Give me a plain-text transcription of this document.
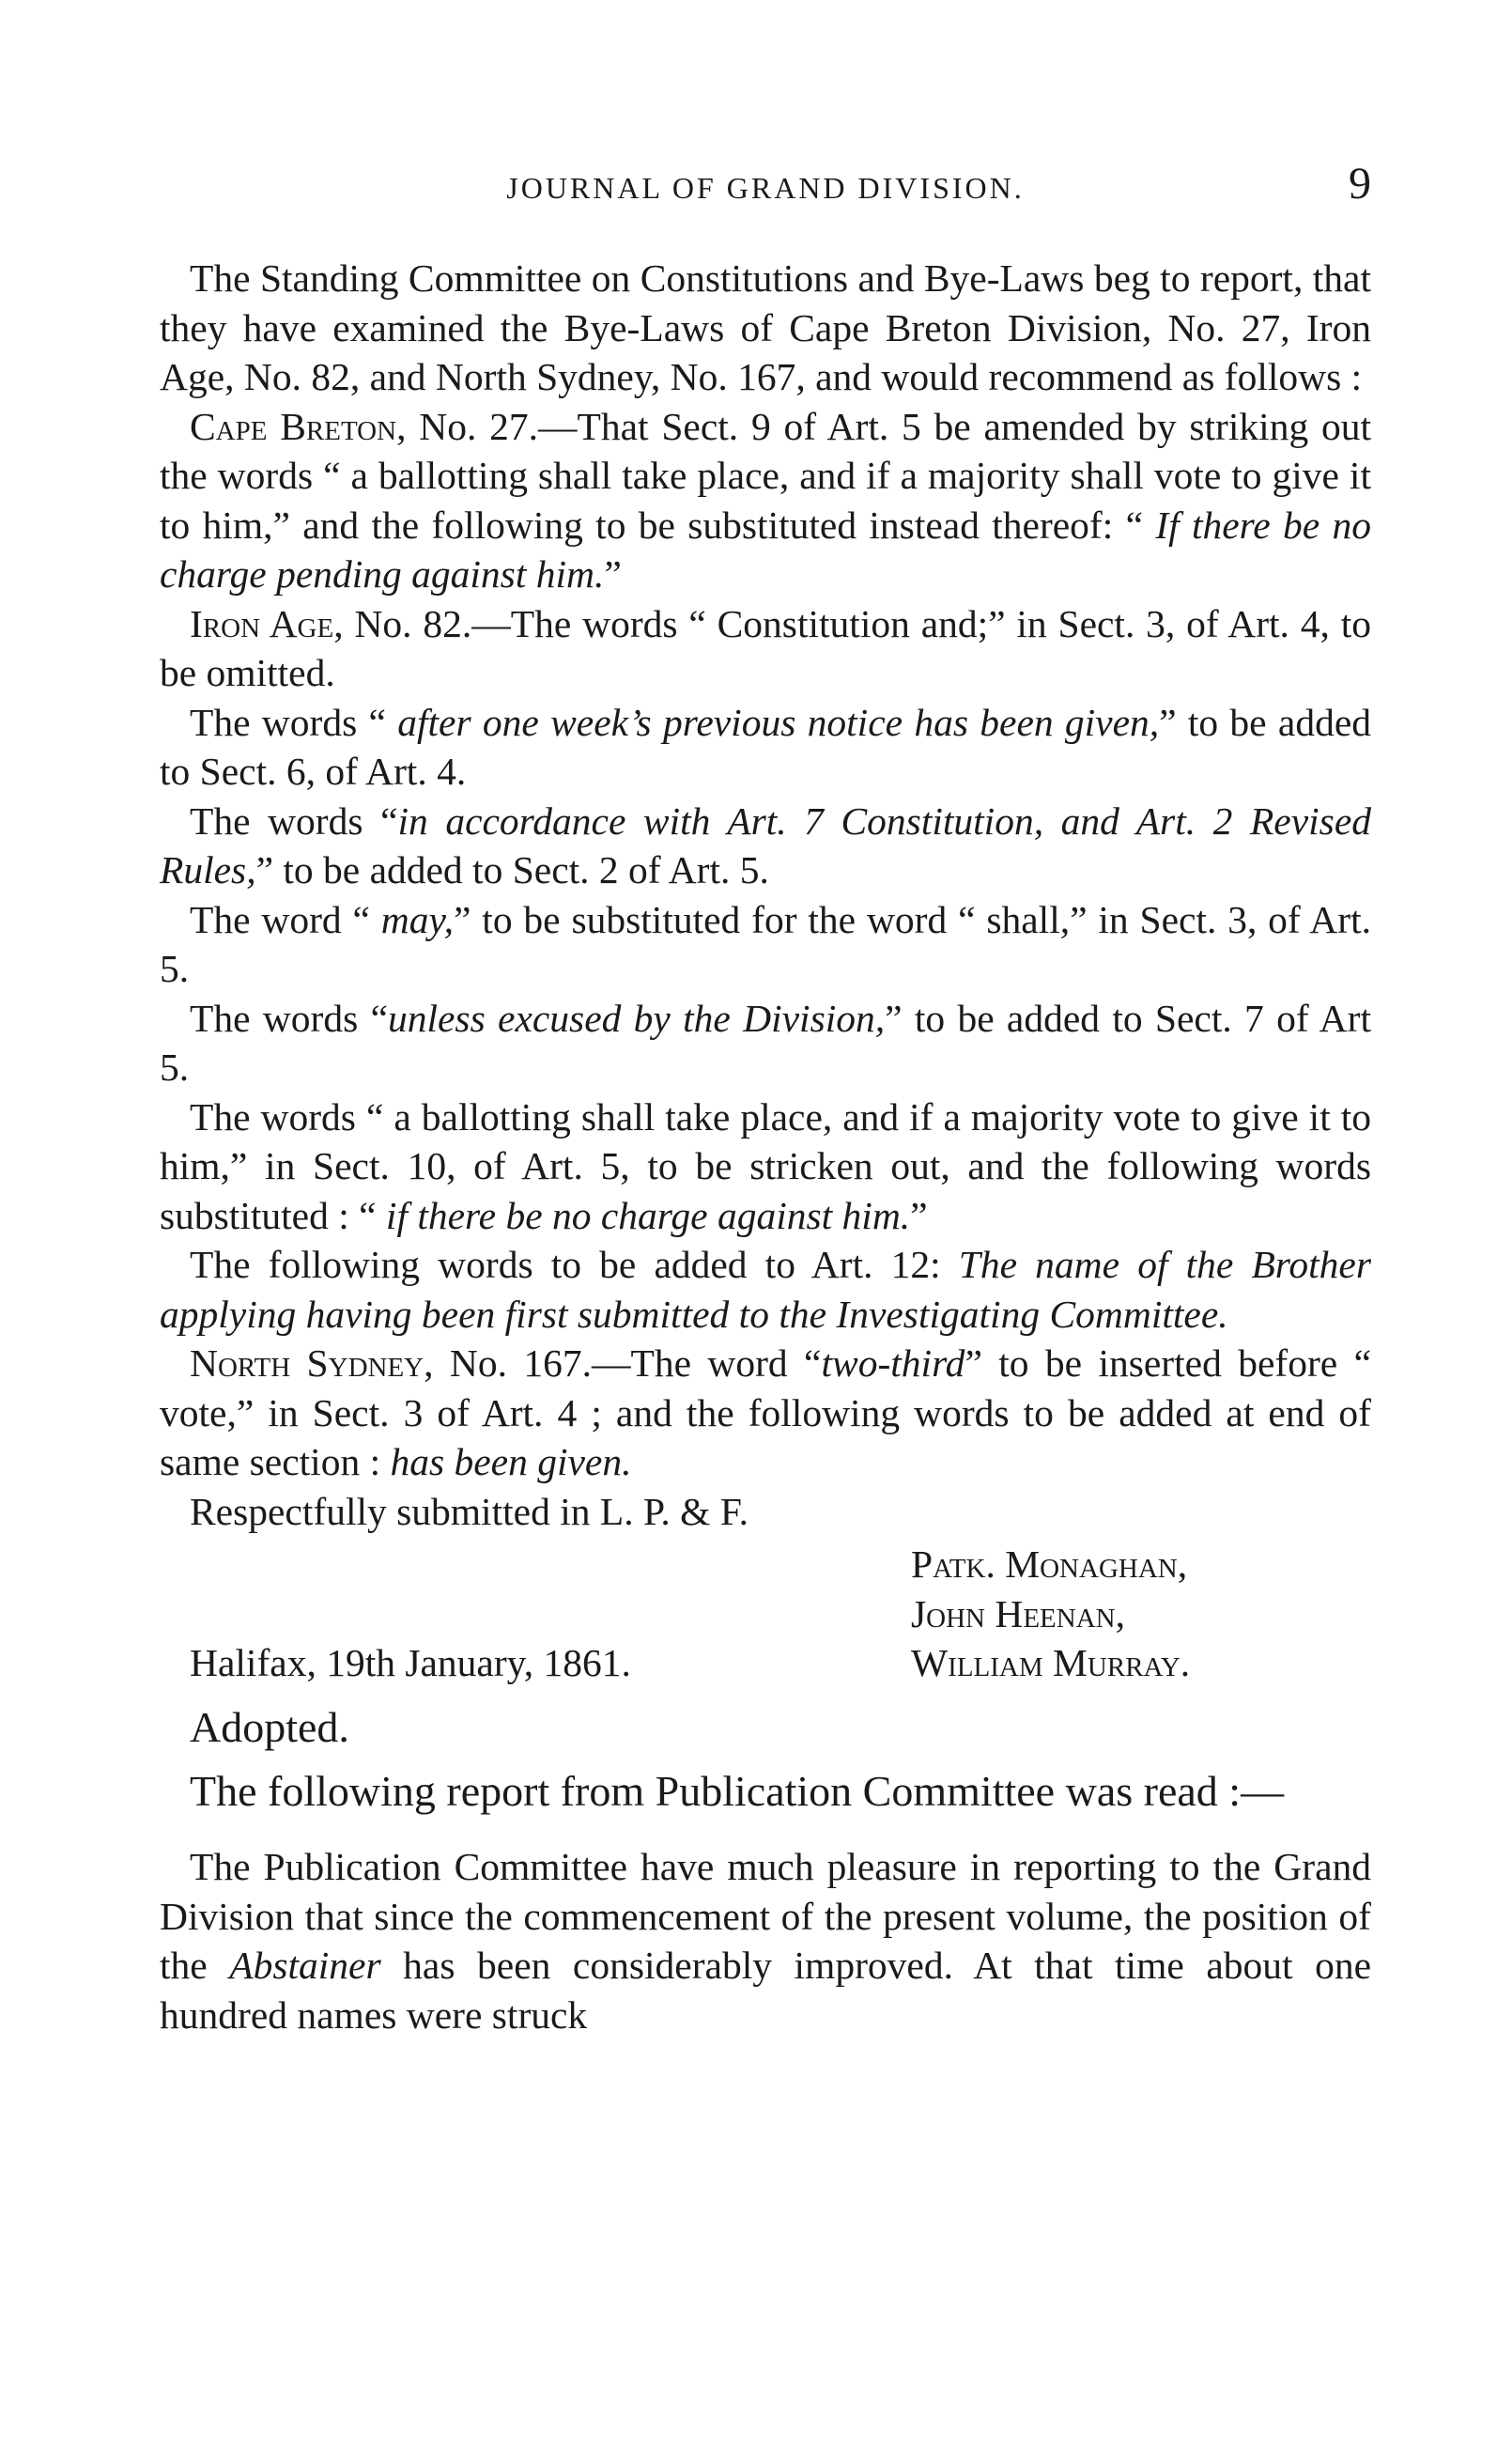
JOURNAL OF GRAND DIVISION.	9

The Standing Committee on Constitutions and Bye-Laws beg to report, that they have examined the Bye-Laws of Cape Breton Division, No. 27, Iron Age, No. 82, and North Sydney, No. 167, and would recommend as follows :

Cape Breton, No. 27.—That Sect. 9 of Art. 5 be amended by striking out the words “ a ballotting shall take place, and if a majority shall vote to give it to him,” and the following to be substituted instead thereof: “ If there be no charge pending against him.”

Iron Age, No. 82.—The words “ Constitution and;” in Sect. 3, of Art. 4, to be omitted.

The words “ after one week’s previous notice has been given,” to be added to Sect. 6, of Art. 4.

The words “in accordance with Art. 7 Constitution, and Art. 2 Revised Rules,” to be added to Sect. 2 of Art. 5.

The word “ may,” to be substituted for the word “ shall,” in Sect. 3, of Art. 5.

The words “unless excused by the Division,” to be added to Sect. 7 of Art 5.

The words “ a ballotting shall take place, and if a majority vote to give it to him,” in Sect. 10, of Art. 5, to be stricken out, and the following words substituted : “ if there be no charge against him.”

The following words to be added to Art. 12: The name of the Brother applying having been first submitted to the Investigating Committee.

North Sydney, No. 167.—The word “two-third” to be inserted before “ vote,” in Sect. 3 of Art. 4 ; and the following words to be added at end of same section : has been given.

Respectfully submitted in L. P. & F.

Patk. Monaghan,
John Heenan,
William Murray.
Halifax, 19th January, 1861.

Adopted.

The following report from Publication Committee was read :—

The Publication Committee have much pleasure in reporting to the Grand Division that since the commencement of the present volume, the position of the Abstainer has been considerably improved. At that time about one hundred names were struck
